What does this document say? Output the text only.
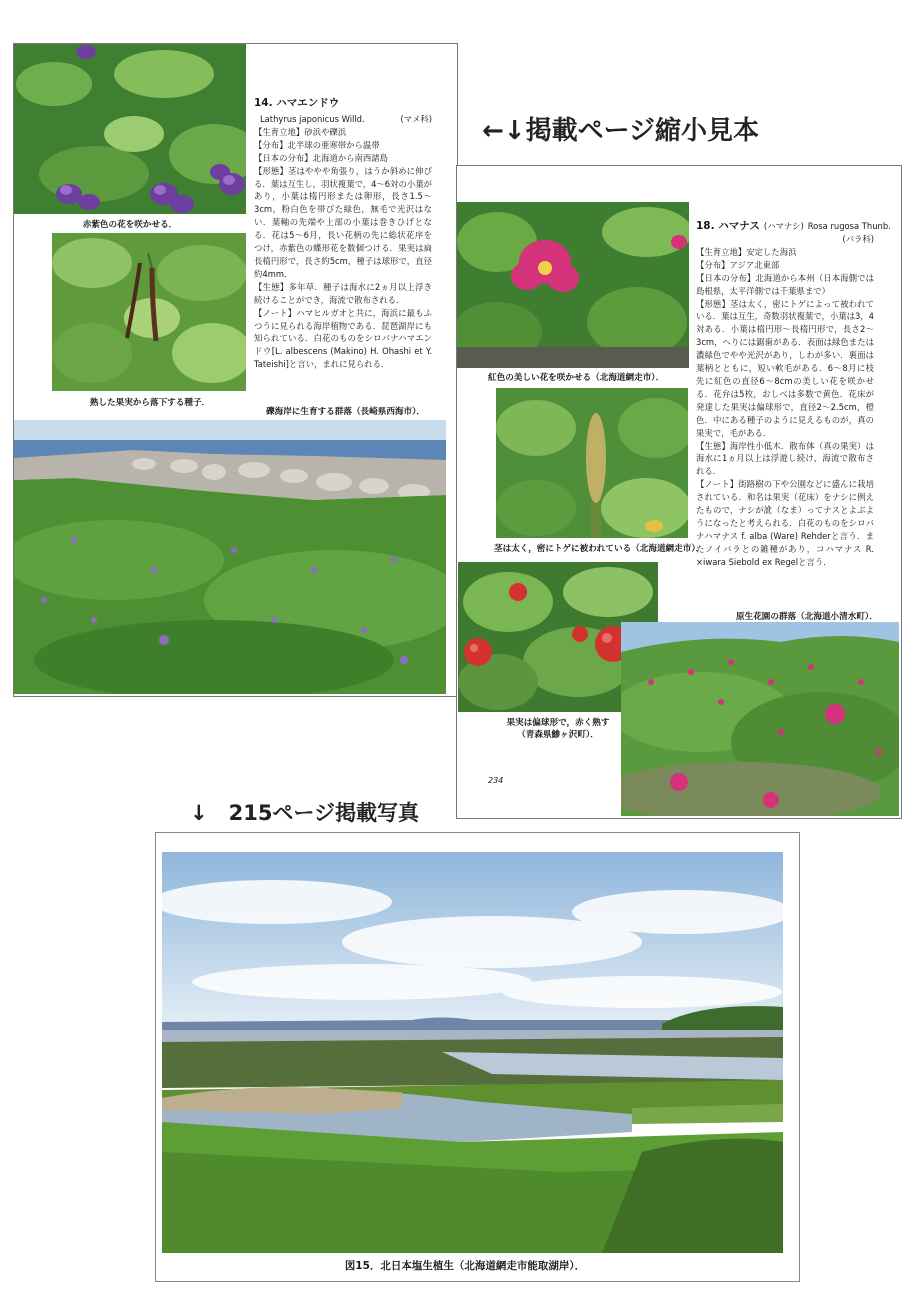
←↓掲載ページ縮小見本
↓　215ページ掲載写真
赤紫色の花を咲かせる．
熟した果実から落下する種子．
14. ハマエンドウ
Lathyrus japonicus Willd.	(マメ科)

【生育立地】砂浜や礫浜

【分布】北半球の亜寒帯から温帯

【日本の分布】北海道から南西諸島

【形態】茎はややや角張り，はうか斜めに伸びる．葉は互生し，羽状複葉で，4～6対の小葉があり，小葉は楕円形または卵形，長さ1.5～3cm，粉白色を帯びた緑色，無毛で光沢はない．葉軸の先端や上部の小葉は巻きひげとなる．花は5～6月，長い花柄の先に総状花序をつけ，赤紫色の蝶形花を数個つける．果実は扁長楕円形で，長さ約5cm，種子は球形で，直径約4mm．

【生態】多年草．種子は海水に2ヵ月以上浮き続けることができ，海流で散布される．

【ノート】ハマヒルガオと共に，海浜に最もふつうに見られる海岸植物である．琵琶湖岸にも知られている．白花のものをシロバナハマエンドウ[L. albescens (Makino) H. Ohashi et Y. Tateishi]と言い，まれに見られる．

礫海岸に生育する群落（長崎県西海市）．
紅色の美しい花を咲かせる（北海道網走市）．
茎は太く，密にトゲに被われている（北海道網走市）．
果実は偏球形で，赤く熟す
（青森県鯵ヶ沢町）．
234
18. ハマナス (ハマナシ) Rosa rugosa Thunb.
(バラ科)

【生育立地】安定した海浜

【分布】アジア北東部

【日本の分布】北海道から本州（日本海側では島根県，太平洋側では千葉県まで）

【形態】茎は太く，密にトゲによって被われている．葉は互生，奇数羽状複葉で，小葉は3，4対ある．小葉は楕円形～長楕円形で，長さ2～3cm，へりには鋸歯がある．表面は緑色または濃緑色でやや光沢があり，しわが多い．裏面は葉柄とともに，短い軟毛がある．6～8月に枝先に紅色の直径6～8cmの美しい花を咲かせる．花弁は5枚，おしべは多数で黄色．花床が発達した果実は偏球形で，直径2～2.5cm，橙色．中にある種子のように見えるものが，真の果実で，毛がある．

【生態】海岸性小低木．散布体（真の果実）は海水に1ヵ月以上は浮遊し続け，海流で散布される．

【ノート】街路樹の下や公園などに盛んに栽培されている．和名は果実（花床）をナシに例えたもので，ナシが訛（なま）ってナスとよぶようになったと考えられる．白花のものをシロバナハマナス f. alba (Ware) Rehderと言う．またノイバラとの雑種があり，コハマナス R. ×iwara Siebold ex Regelと言う．

原生花園の群落（北海道小清水町）．
図15．北日本塩生植生（北海道網走市能取湖岸）．
